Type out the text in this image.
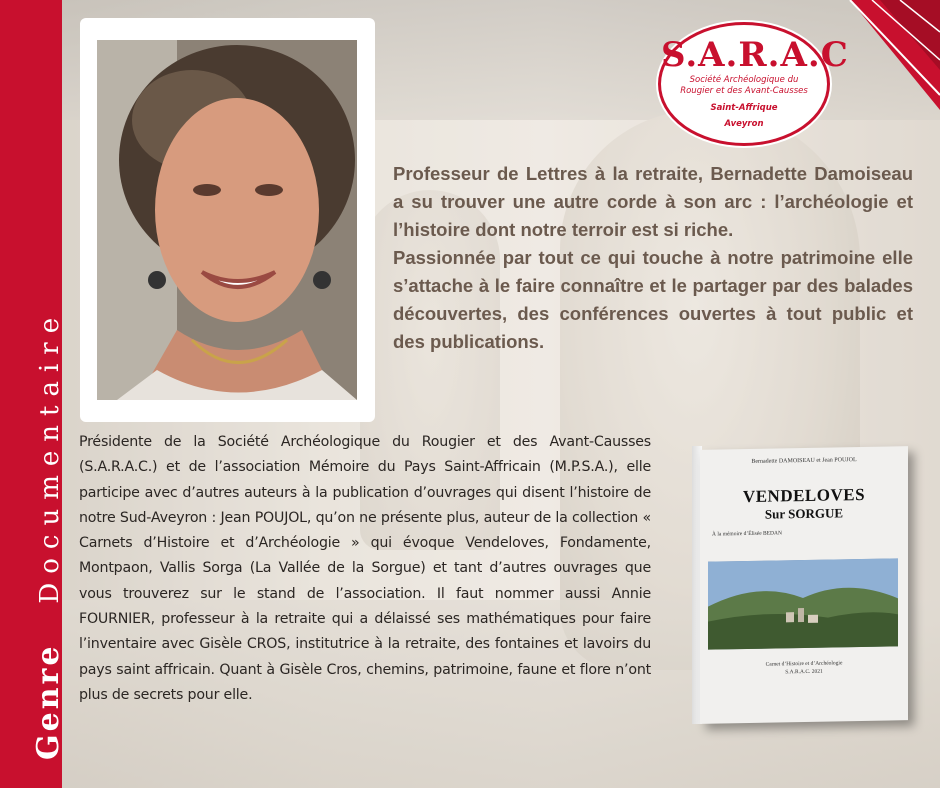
GenreDocumentaire
S.A.R.A.C
Société Archéologique du
Rougier et des Avant-Causses
Saint-Affrique
Aveyron

Professeur de Lettres à la retraite, Bernadette Damoiseau a su trouver une autre corde à son arc : l’archéologie et l’histoire dont notre terroir est si riche.

Passionnée par tout ce qui touche à notre patrimoine elle s’attache à le faire connaître et le partager par des balades découvertes, des conférences ouvertes à tout public et des publications.

Présidente de la Société Archéologique du Rougier et des Avant-Causses (S.A.R.A.C.) et de l’association Mémoire du Pays Saint-Affricain (M.P.S.A.), elle participe avec d’autres auteurs à la publication d’ouvrages qui disent l’histoire de notre Sud-Aveyron : Jean POUJOL, qu’on ne présente plus, auteur de la collection « Carnets d’Histoire et d’Archéologie » qui évoque Vendeloves, Fondamente, Montpaon, Vallis Sorga (La Vallée de la Sorgue) et tant d’autres ouvrages que vous trouverez sur le stand de l’association. Il faut nommer aussi Annie FOURNIER, professeur à la retraite qui a délaissé ses mathématiques pour faire l’inventaire avec Gisèle CROS, institutrice à la retraite, des fontaines et lavoirs du pays saint affricain. Quant à Gisèle Cros, chemins, patrimoine, faune et flore n’ont plus de secrets pour elle.
Bernadette DAMOISEAU et Jean POUJOL
VENDELOVES
Sur SORGUE
À la mémoire d’Élisée BEDAN
Carnet d’Histoire et d’Archéologie
S.A.R.A.C. 2021
